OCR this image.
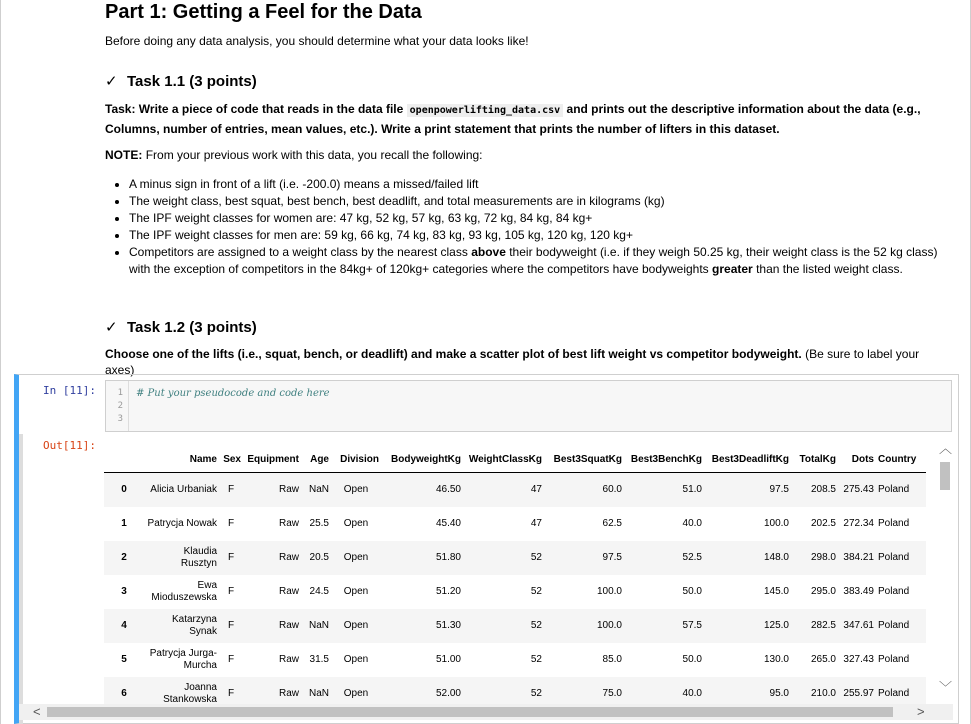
Part 1: Getting a Feel for the Data
Before doing any data analysis, you should determine what your data looks like!
✓ Task 1.1 (3 points)
Task: Write a piece of code that reads in the data file openpowerlifting_data.csv and prints out the descriptive information about the data (e.g., Columns, number of entries, mean values, etc.). Write a print statement that prints the number of lifters in this dataset.
NOTE: From your previous work with this data, you recall the following:
• A minus sign in front of a lift (i.e. -200.0) means a missed/failed lift
• The weight class, best squat, best bench, best deadlift, and total measurements are in kilograms (kg)
• The IPF weight classes for women are: 47 kg, 52 kg, 57 kg, 63 kg, 72 kg, 84 kg, 84 kg+
• The IPF weight classes for men are: 59 kg, 66 kg, 74 kg, 83 kg, 93 kg, 105 kg, 120 kg, 120 kg+
• Competitors are assigned to a weight class by the nearest class above their bodyweight (i.e. if they weigh 50.25 kg, their weight class is the 52 kg class) with the exception of competitors in the 84kg+ of 120kg+ categories where the competitors have bodyweights greater than the listed weight class.
✓ Task 1.2 (3 points)
Choose one of the lifts (i.e., squat, bench, or deadlift) and make a scatter plot of best lift weight vs competitor bodyweight. (Be sure to label your axes)
In [11]:	1
2
3
# Put your pseudocode and code here
Out[11]:
	Name	Sex	Equipment	Age	Division	BodyweightKg	WeightClassKg	Best3SquatKg	Best3BenchKg	Best3DeadliftKg	TotalKg	Dots	Country
0	Alicia Urbaniak	F	Raw	NaN	Open	46.50	47	60.0	51.0	97.5	208.5	275.43	Poland
1	Patrycja Nowak	F	Raw	25.5	Open	45.40	47	62.5	40.0	100.0	202.5	272.34	Poland
2	Klaudia Rusztyn	F	Raw	20.5	Open	51.80	52	97.5	52.5	148.0	298.0	384.21	Poland
3	Ewa Mioduszewska	F	Raw	24.5	Open	51.20	52	100.0	50.0	145.0	295.0	383.49	Poland
4	Katarzyna Synak	F	Raw	NaN	Open	51.30	52	100.0	57.5	125.0	282.5	347.61	Poland
5	Patrycja Jurga-Murcha	F	Raw	31.5	Open	51.00	52	85.0	50.0	130.0	265.0	327.43	Poland
6	Joanna Stankowska	F	Raw	NaN	Open	52.00	52	75.0	40.0	95.0	210.0	255.97	Poland
︿
﹀
<	>
